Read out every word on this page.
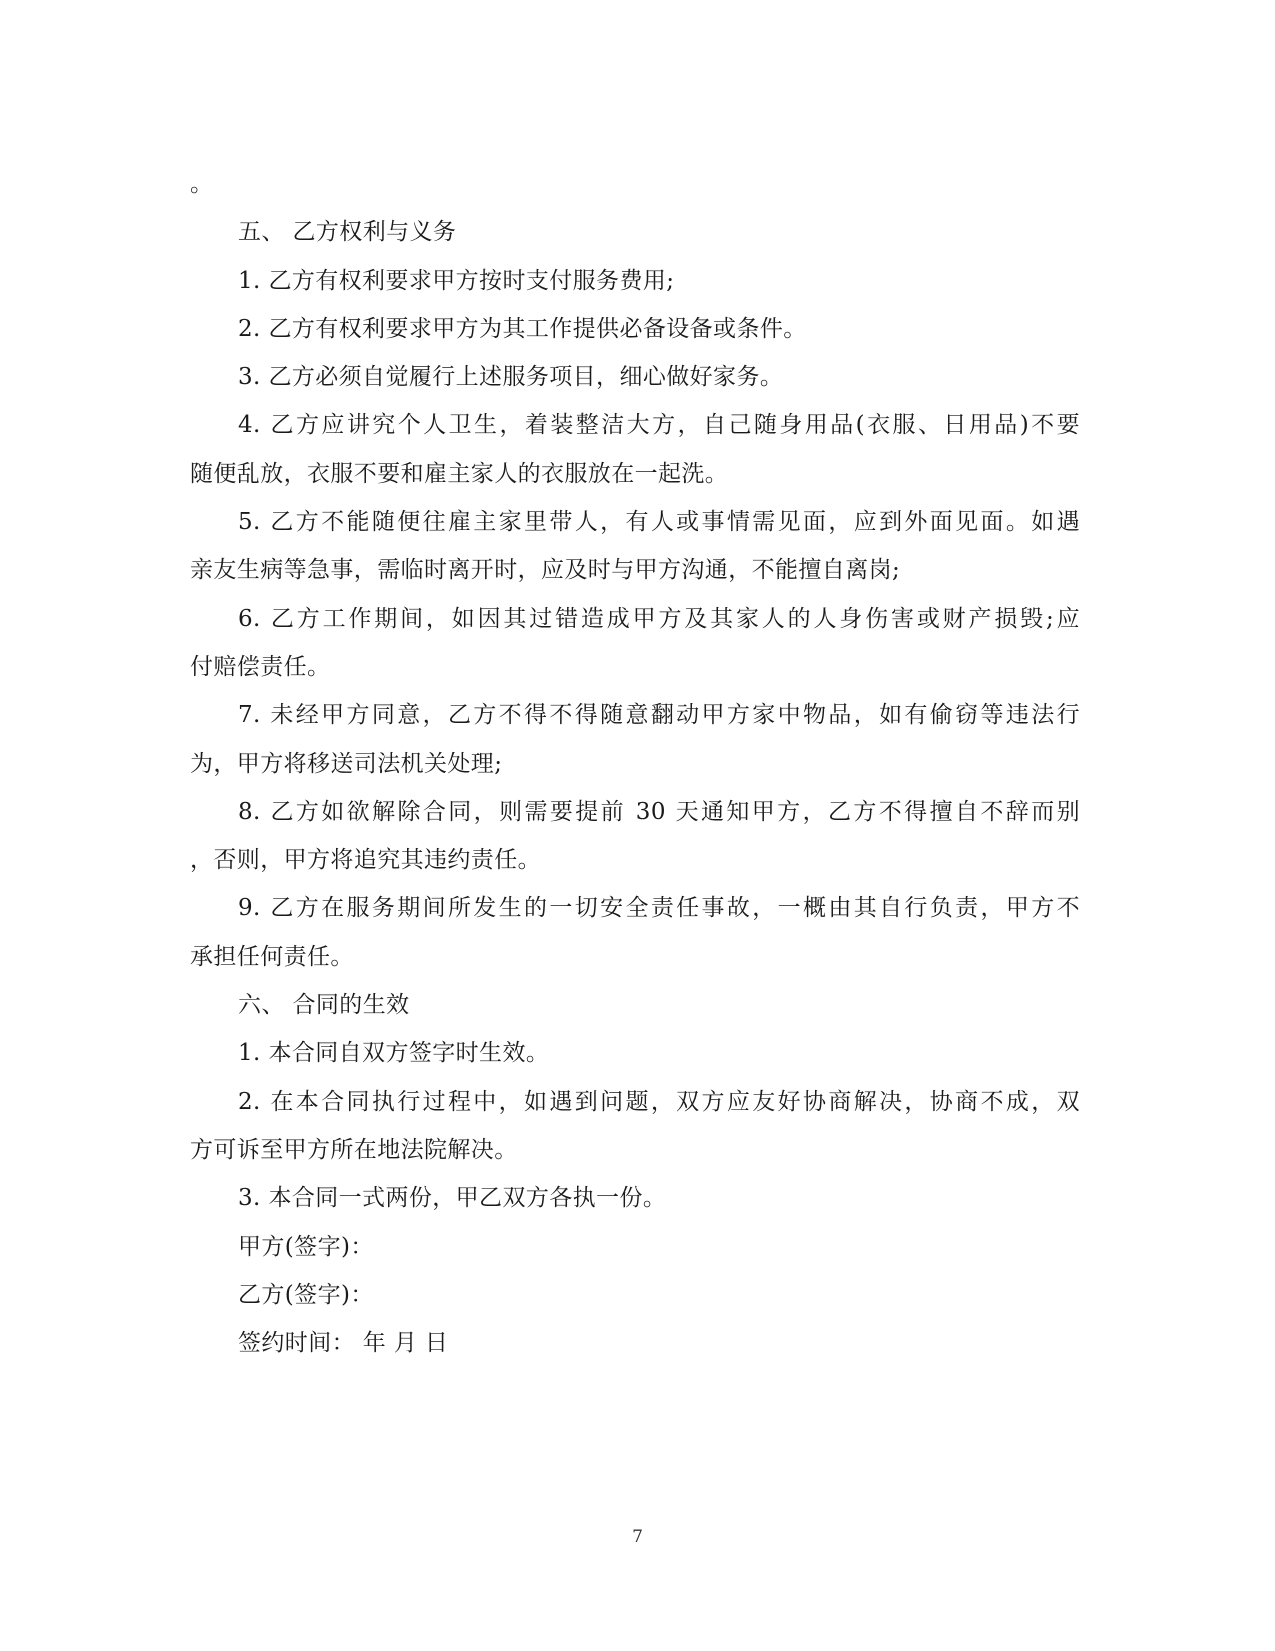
。
五、 乙方权利与义务
1. 乙方有权利要求甲方按时支付服务费用;
2. 乙方有权利要求甲方为其工作提供必备设备或条件。
3. 乙方必须自觉履行上述服务项目，细心做好家务。
4. 乙方应讲究个人卫生，着装整洁大方，自己随身用品(衣服、日用品)不要
随便乱放，衣服不要和雇主家人的衣服放在一起洗。
5. 乙方不能随便往雇主家里带人，有人或事情需见面，应到外面见面。如遇
亲友生病等急事，需临时离开时，应及时与甲方沟通，不能擅自离岗;
6. 乙方工作期间，如因其过错造成甲方及其家人的人身伤害或财产损毁;应
付赔偿责任。
7. 未经甲方同意，乙方不得不得随意翻动甲方家中物品，如有偷窃等违法行
为，甲方将移送司法机关处理;
8. 乙方如欲解除合同，则需要提前 30 天通知甲方，乙方不得擅自不辞而别
，否则，甲方将追究其违约责任。
9. 乙方在服务期间所发生的一切安全责任事故，一概由其自行负责，甲方不
承担任何责任。
六、 合同的生效
1. 本合同自双方签字时生效。
2. 在本合同执行过程中，如遇到问题，双方应友好协商解决，协商不成，双
方可诉至甲方所在地法院解决。
3. 本合同一式两份，甲乙双方各执一份。
甲方(签字)：
乙方(签字)：
签约时间： 年 月 日
7
